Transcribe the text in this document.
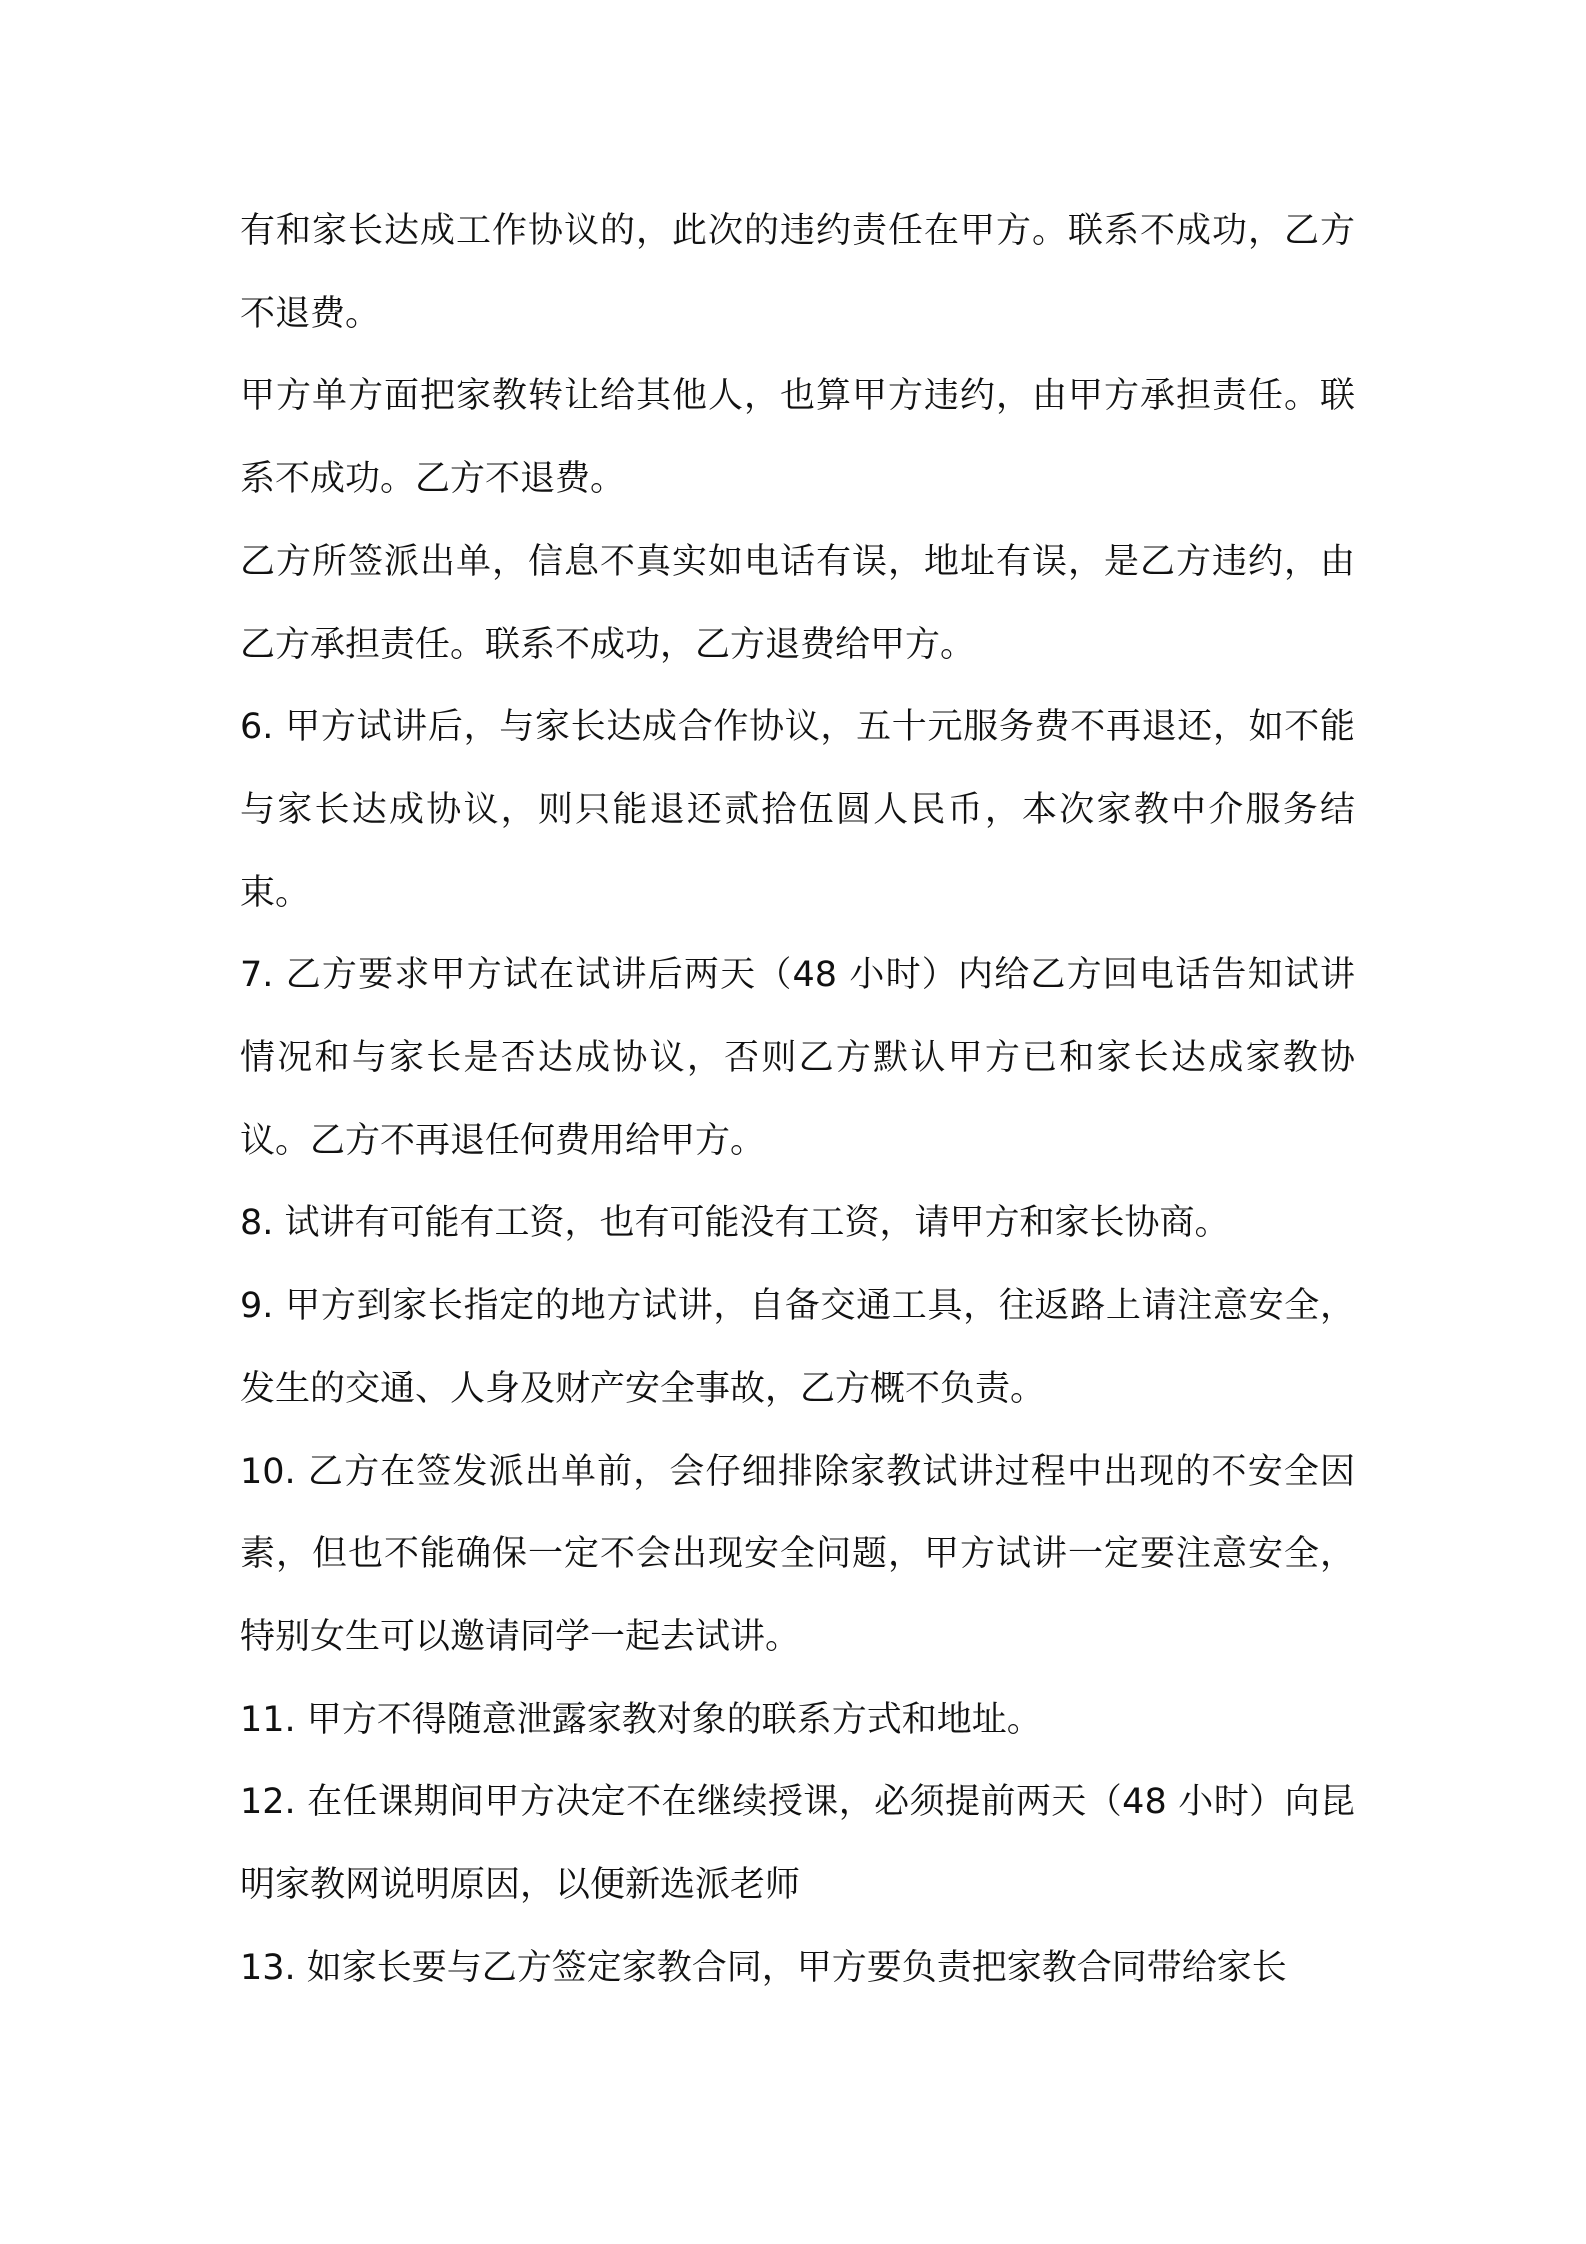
有和家长达成工作协议的，此次的违约责任在甲方。联系不成功，乙方不退费。

甲方单方面把家教转让给其他人，也算甲方违约，由甲方承担责任。联系不成功。乙方不退费。

乙方所签派出单，信息不真实如电话有误，地址有误，是乙方违约，由乙方承担责任。联系不成功，乙方退费给甲方。

6. 甲方试讲后，与家长达成合作协议，五十元服务费不再退还，如不能与家长达成协议，则只能退还贰拾伍圆人民币，本次家教中介服务结束。

7. 乙方要求甲方试在试讲后两天（48 小时）内给乙方回电话告知试讲情况和与家长是否达成协议，否则乙方默认甲方已和家长达成家教协议。乙方不再退任何费用给甲方。

8. 试讲有可能有工资，也有可能没有工资，请甲方和家长协商。

9. 甲方到家长指定的地方试讲，自备交通工具，往返路上请注意安全，发生的交通、人身及财产安全事故，乙方概不负责。

10. 乙方在签发派出单前，会仔细排除家教试讲过程中出现的不安全因素，但也不能确保一定不会出现安全问题，甲方试讲一定要注意安全，特别女生可以邀请同学一起去试讲。

11. 甲方不得随意泄露家教对象的联系方式和地址。

12. 在任课期间甲方决定不在继续授课，必须提前两天（48 小时）向昆明家教网说明原因，以便新选派老师

13. 如家长要与乙方签定家教合同，甲方要负责把家教合同带给家长
